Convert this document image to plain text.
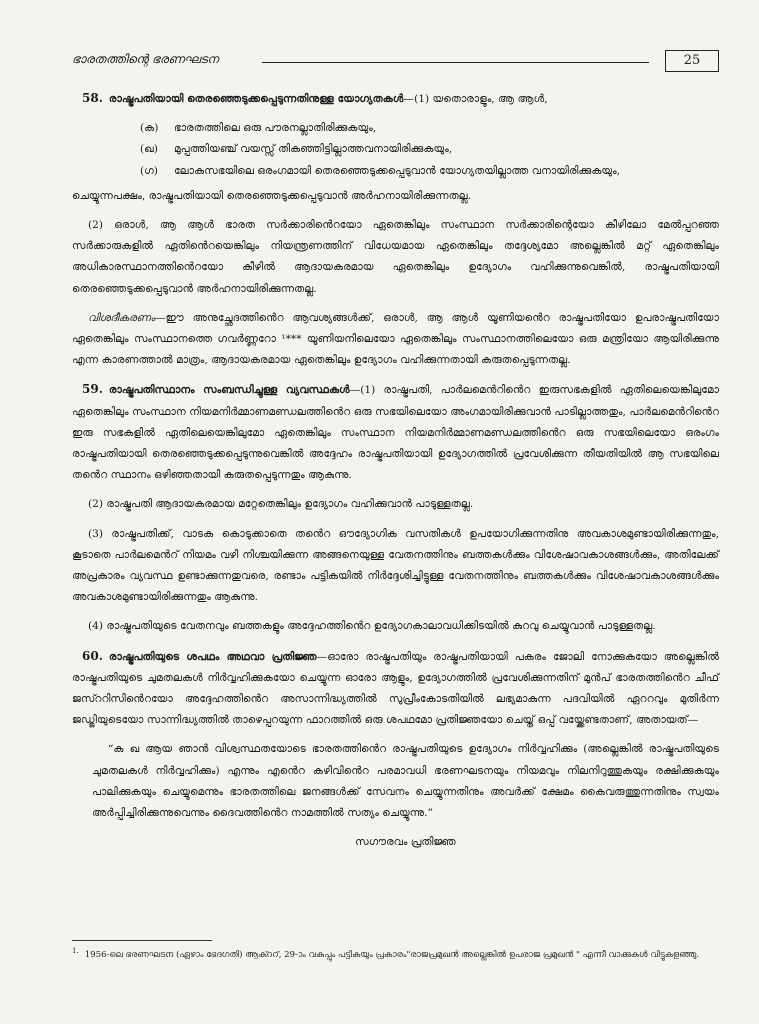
ഭാരതത്തിന്റെ ഭരണഘടന	25

58. രാഷ്ട്രപതിയായി തെരഞ്ഞെടുക്കപ്പെടുന്നതിനുള്ള യോഗ്യതകൾ—(1) യതൊരാളും, ആ ആൾ,

(ക)	ഭാരതത്തിലെ ഒരു പൗരനല്ലാതിരിക്കുകയും,
(ഖ)	മുപ്പത്തിയഞ്ച് വയസ്സ് തികഞ്ഞിട്ടില്ലാത്തവനായിരിക്കുകയും,
(ഗ)	ലോകസഭയിലെ ഒരംഗമായി തെരഞ്ഞെടുക്കപ്പെടുവാൻ യോഗ്യതയില്ലാത്ത വനായിരിക്കുകയും,

ചെയ്യുന്നപക്ഷം, രാഷ്ട്രപതിയായി തെരഞ്ഞെടുക്കപ്പെടുവാൻ അർഹനായിരിക്കുന്നതല്ല.

(2) ഒരാൾ, ആ ആൾ ഭാരത സർക്കാരിൻെറയോ ഏതെങ്കിലും സംസ്ഥാന സർക്കാരിന്റെയോ കീഴിലോ മേൽപ്പറഞ്ഞ സർക്കാരുകളിൽ ഏതിൻെറയെങ്കിലും നിയന്ത്രണത്തിന് വിധേയമായ ഏതെങ്കിലും തദ്ദേശ്യമോ അല്ലെങ്കിൽ മറ്റ് ഏതെങ്കിലും അധികാരസ്ഥാനത്തിൻെറയോ കീഴിൽ ആദായകരമായ ഏതെങ്കിലും ഉദ്യോഗം വഹിക്കുന്നുവെങ്കിൽ, രാഷ്ട്രപതിയായി തെരഞ്ഞെടുക്കപ്പെടുവാൻ അർഹനായിരിക്കുന്നതല്ല.

വിശദീകരണം—ഈ അനുച്ഛേദത്തിൻെറ ആവശ്യങ്ങൾക്ക്, ഒരാൾ, ആ ആൾ യൂണിയൻെറ രാഷ്ട്രപതിയോ ഉപരാഷ്ട്രപതിയോ ഏതെങ്കിലും സംസ്ഥാനത്തെ ഗവർണ്ണറോ ¹*** യൂണിയനിലെയോ ഏതെങ്കിലും സംസ്ഥാനത്തിലെയോ ഒരു മന്ത്രിയോ ആയിരിക്കുന്നു എന്ന കാരണത്താൽ മാത്രം, ആദായകരമായ ഏതെങ്കിലും ഉദ്യോഗം വഹിക്കുന്നതായി കരുതപ്പെടുന്നതല്ല.

59. രാഷ്ട്രപതിസ്ഥാനം സംബന്ധിച്ചുള്ള വ്യവസ്ഥകൾ—(1) രാഷ്ട്രപതി, പാർലമെൻറിൻെറ ഇരുസഭകളിൽ ഏതിലെയെങ്കിലുമോ ഏതെങ്കിലും സംസ്ഥാന നിയമനിർമ്മാണമണ്ഡലത്തിൻെറ ഒരു സഭയിലെയോ അംഗമായിരിക്കുവാൻ പാടില്ലാത്തതും, പാർലമെൻറിൻെറ ഇരു സഭകളിൽ ഏതിലെയെങ്കിലുമോ ഏതെങ്കിലും സംസ്ഥാന നിയമനിർമ്മാണമണ്ഡലത്തിൻെറ ഒരു സഭയിലെയോ ഒരംഗം രാഷ്ട്രപതിയായി തെരഞ്ഞെടുക്കപ്പെടുന്നുവെങ്കിൽ അദ്ദേഹം രാഷ്ട്രപതിയായി ഉദ്യോഗത്തിൽ പ്രവേശിക്കുന്ന തീയതിയിൽ ആ സഭയിലെ തൻെറ സ്ഥാനം ഒഴിഞ്ഞതായി കരുതപ്പെടുന്നതും ആകുന്നു.

(2) രാഷ്ട്രപതി ആദായകരമായ മറ്റേതെങ്കിലും ഉദ്യോഗം വഹിക്കുവാൻ പാടുള്ളതല്ല.

(3) രാഷ്ട്രപതിക്ക്, വാടക കൊടുക്കാതെ തൻെറ ഔദ്യോഗിക വസതികൾ ഉപയോഗിക്കുന്നതിനു അവകാശമുണ്ടായിരിക്കുന്നതും, കൂടാതെ പാർലമെൻറ് നിയമം വഴി നിശ്ചയിക്കുന്ന അങ്ങനെയുള്ള വേതനത്തിനും ബത്തകൾക്കും വിശേഷാവകാശങ്ങൾക്കും, അതിലേക്ക് അപ്രകാരം വ്യവസ്ഥ ഉണ്ടാക്കുന്നതുവരെ, രണ്ടാം പട്ടികയിൽ നിർദ്ദേശിച്ചിട്ടുള്ള വേതനത്തിനും ബത്തകൾക്കും വിശേഷാവകാശങ്ങൾക്കും അവകാശമുണ്ടായിരിക്കുന്നതും ആകുന്നു.

(4) രാഷ്ട്രപതിയുടെ വേതനവും ബത്തകളും അദ്ദേഹത്തിൻെറ ഉദ്യോഗകാലാവധിക്കിടയിൽ കുറവു ചെയ്യുവാൻ പാടുള്ളതല്ല.

60. രാഷ്ട്രപതിയുടെ ശപഥം അഥവാ പ്രതിജ്ഞ—ഓരോ രാഷ്ട്രപതിയും രാഷ്ട്രപതിയായി പകരം ജോലി നോക്കുകയോ അല്ലെങ്കിൽ രാഷ്ട്രപതിയുടെ ചുമതലകൾ നിർവ്വഹിക്കുകയോ ചെയ്യുന്ന ഓരോ ആളും, ഉദ്യോഗത്തിൽ പ്രവേശിക്കുന്നതിന് മുൻപ് ഭാരതത്തിൻെറ ചീഫ് ജസ്ററിസിൻെറയോ അദ്ദേഹത്തിൻെറ അസാന്നിദ്ധ്യത്തിൽ സുപ്രീംകോടതിയിൽ ലഭ്യമാകുന്ന പദവിയിൽ ഏററവും മുതിർന്ന ജഡ്ജിയുടെയോ സാന്നിദ്ധ്യത്തിൽ താഴെപ്പറയുന്ന ഫാറത്തിൽ ഒരു ശപഥമോ പ്രതിജ്ഞയോ ചെയ്ത് ഒപ്പ് വയ്ക്കേണ്ടതാണ്, അതായത്—

“ക ഖ ആയ ഞാൻ വിശ്വസ്ഥതയോടെ ഭാരതത്തിൻെറ രാഷ്ട്രപതിയുടെ ഉദ്യോഗം നിർവ്വഹിക്കും (അല്ലെങ്കിൽ രാഷ്ട്രപതിയുടെ ചുമതലകൾ നിർവ്വഹിക്കും) എന്നും എൻെറ കഴിവിൻെറ പരമാവധി ഭരണഘടനയും നിയമവും നിലനിറുത്തുകയും രക്ഷിക്കുകയും പാലിക്കുകയും ചെയ്യുമെന്നും ഭാരതത്തിലെ ജനങ്ങൾക്ക് സേവനം ചെയ്യുന്നതിനും അവർക്ക് ക്ഷേമം കൈവരുത്തുന്നതിനും സ്വയം അർപ്പിച്ചിരിക്കുന്നുവെന്നും ദൈവത്തിൻെറ നാമത്തിൽ സത്യം ചെയ്യുന്നു.”

സഗൗരവം പ്രതിജ്ഞ

$^{1.}$ 1956-ലെ ഭരണഘടന (ഏഴാം ഭേദഗതി) ആക്ററ്, 29-ാം വകുപ്പും പട്ടികയും പ്രകാരം"രാജപ്രമുഖൻ അല്ലെങ്കിൽ ഉപരാജ പ്രമുഖൻ " എന്നീ വാക്കുകൾ വിട്ടുകളഞ്ഞു.
